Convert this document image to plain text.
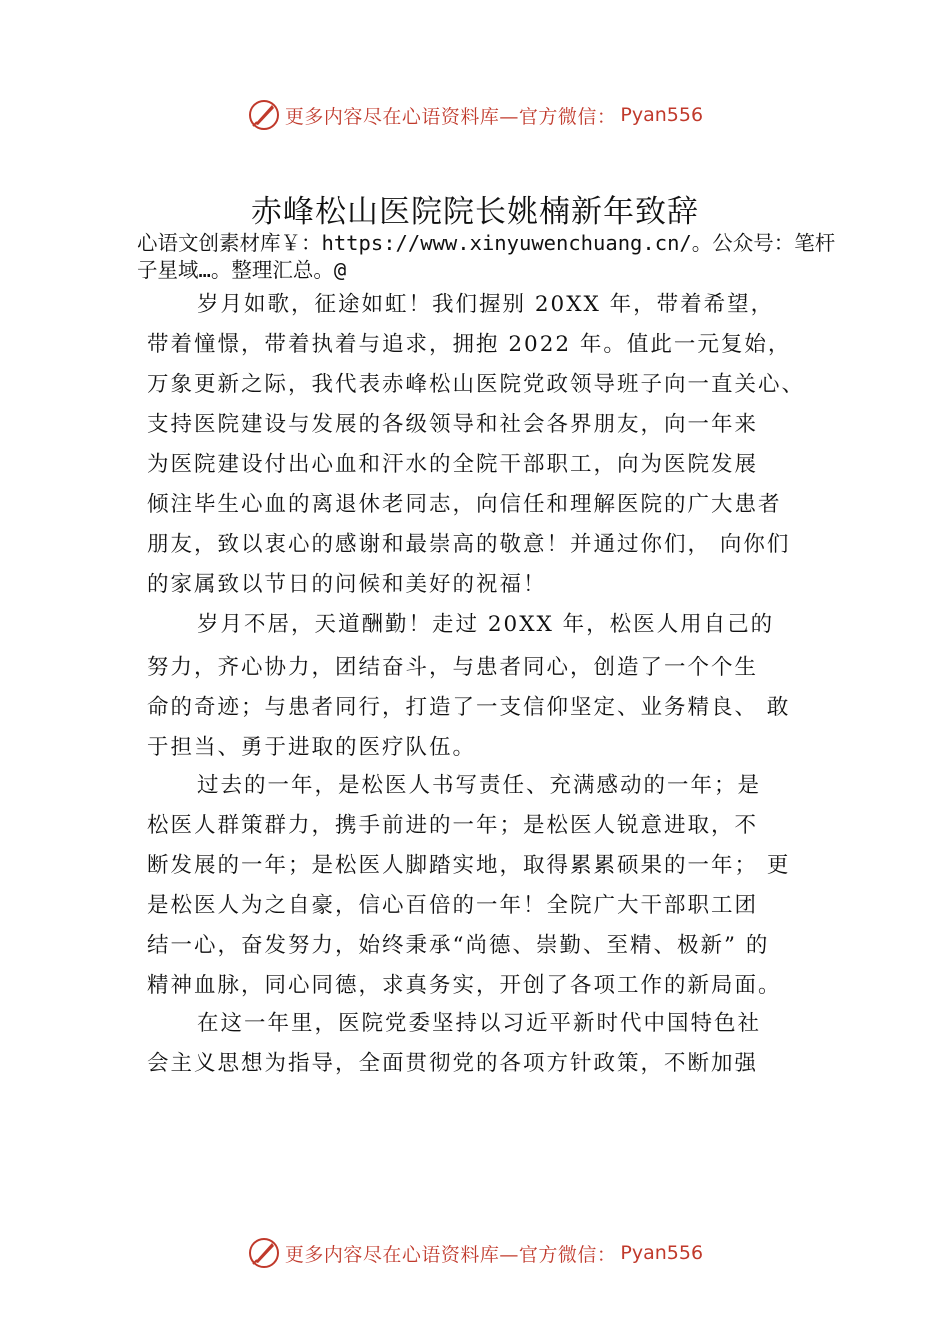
更多内容尽在心语资料库—官方微信： Pyan556
赤峰松山医院院长姚楠新年致辞

心语文创素材库￥：https://www.xinyuwenchuang.cn/。公众号：笔杆子星域…。整理汇总。@

岁月如歌，征途如虹！我们握别 20XX 年，带着希望，

带着憧憬，带着执着与追求，拥抱 2022 年。值此一元复始，

万象更新之际，我代表赤峰松山医院党政领导班子向一直关心、

支持医院建设与发展的各级领导和社会各界朋友，向一年来

为医院建设付出心血和汗水的全院干部职工，向为医院发展

倾注毕生心血的离退休老同志，向信任和理解医院的广大患者

朋友，致以衷心的感谢和最崇高的敬意！并通过你们， 向你们

的家属致以节日的问候和美好的祝福！

岁月不居，天道酬勤！走过 20XX 年，松医人用自己的

努力，齐心协力，团结奋斗，与患者同心，创造了一个个生

命的奇迹；与患者同行，打造了一支信仰坚定、业务精良、 敢

于担当、勇于进取的医疗队伍。

过去的一年，是松医人书写责任、充满感动的一年；是

松医人群策群力，携手前进的一年；是松医人锐意进取，不

断发展的一年；是松医人脚踏实地，取得累累硕果的一年； 更

是松医人为之自豪，信心百倍的一年！全院广大干部职工团

结一心，奋发努力，始终秉承“尚德、崇勤、至精、极新” 的

精神血脉，同心同德，求真务实，开创了各项工作的新局面。

在这一年里，医院党委坚持以习近平新时代中国特色社

会主义思想为指导，全面贯彻党的各项方针政策，不断加强

更多内容尽在心语资料库—官方微信： Pyan556
